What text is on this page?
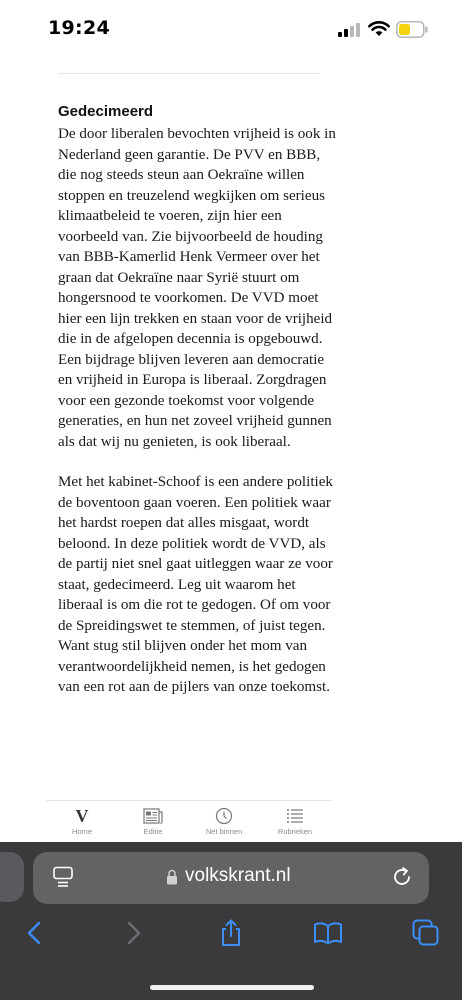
19:24
Gedecimeerd

De door liberalen bevochten vrijheid is ook in Nederland geen garantie. De PVV en BBB, die nog steeds steun aan Oekraïne willen stoppen en treuzelend wegkijken om serieus klimaatbeleid te voeren, zijn hier een voorbeeld van. Zie bijvoorbeeld de houding van BBB-Kamerlid Henk Vermeer over het graan dat Oekraïne naar Syrië stuurt om hongersnood te voorkomen. De VVD moet hier een lijn trekken en staan voor de vrijheid die in de afgelopen decennia is opgebouwd. Een bijdrage blijven leveren aan democratie en vrijheid in Europa is liberaal. Zorgdragen voor een gezonde toekomst voor volgende generaties, en hun net zoveel vrijheid gunnen als dat wij nu genieten, is ook liberaal.

Met het kabinet-Schoof is een andere politiek de boventoon gaan voeren. Een politiek waar het hardst roepen dat alles misgaat, wordt beloond. In deze politiek wordt de VVD, als de partij niet snel gaat uitleggen waar ze voor staat, gedecimeerd. Leg uit waarom het liberaal is om die rot te gedogen. Of om voor de Spreidingswet te stemmen, of juist tegen. Want stug stil blijven onder het mom van verantwoordelijkheid nemen, is het gedogen van een rot aan de pijlers van onze toekomst.

V
Home	Editie	Net binnen	Rubrieken
volkskrant.nl
